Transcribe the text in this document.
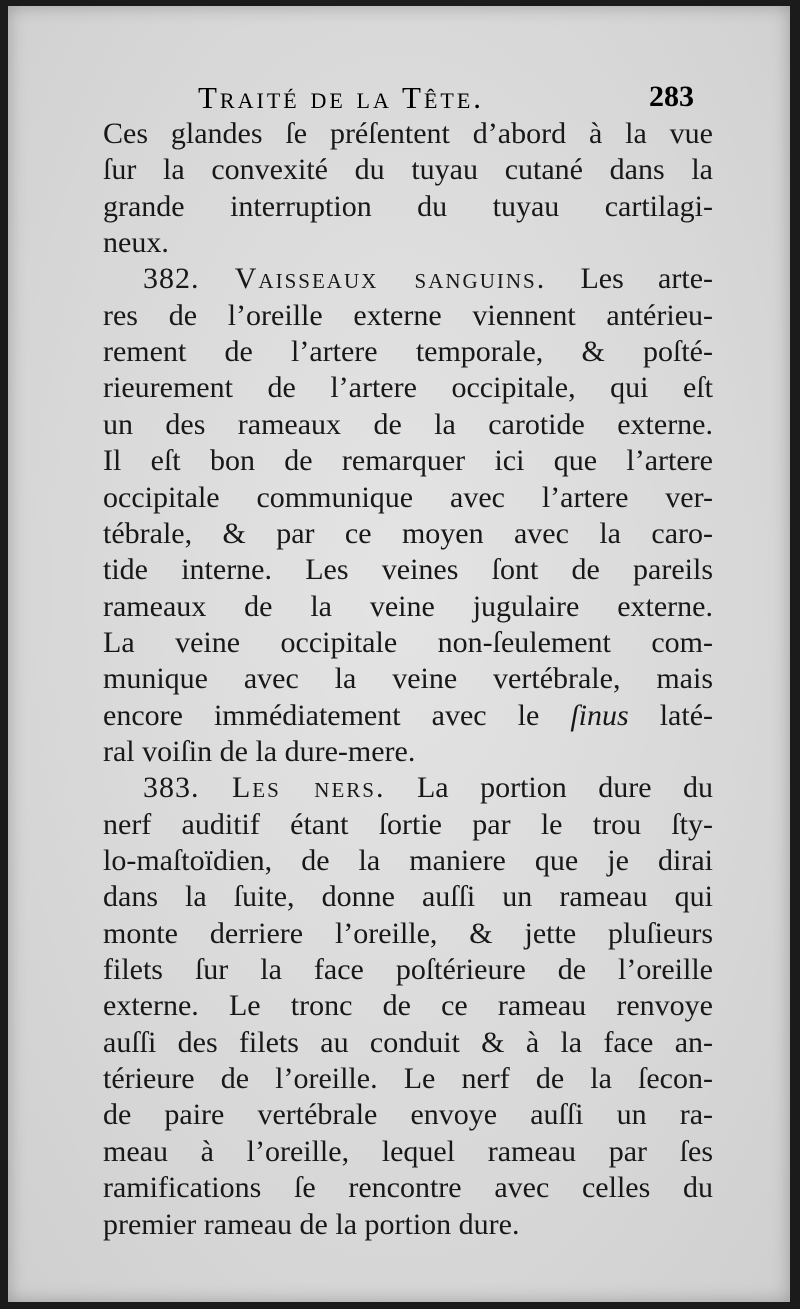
Traité de la Tête.	283
Ces glandes ſe préſentent d’abord à la vue
ſur la convexité du tuyau cutané dans la
grande interruption du tuyau cartilagi-
neux.
382. Vaisseaux sanguins. Les arte-
res de l’oreille externe viennent antérieu-
rement de l’artere temporale, & poſté-
rieurement de l’artere occipitale, qui eſt
un des rameaux de la carotide externe.
Il eſt bon de remarquer ici que l’artere
occipitale communique avec l’artere ver-
tébrale, & par ce moyen avec la caro-
tide interne. Les veines ſont de pareils
rameaux de la veine jugulaire externe.
La veine occipitale non-ſeulement com-
munique avec la veine vertébrale, mais
encore immédiatement avec le ſinus laté-
ral voiſin de la dure-mere.
383. Les ners. La portion dure du
nerf auditif étant ſortie par le trou ſty-
lo-maſtoïdien, de la maniere que je dirai
dans la ſuite, donne auſſi un rameau qui
monte derriere l’oreille, & jette pluſieurs
filets ſur la face poſtérieure de l’oreille
externe. Le tronc de ce rameau renvoye
auſſi des filets au conduit & à la face an-
térieure de l’oreille. Le nerf de la ſecon-
de paire vertébrale envoye auſſi un ra-
meau à l’oreille, lequel rameau par ſes
ramifications ſe rencontre avec celles du
premier rameau de la portion dure.
